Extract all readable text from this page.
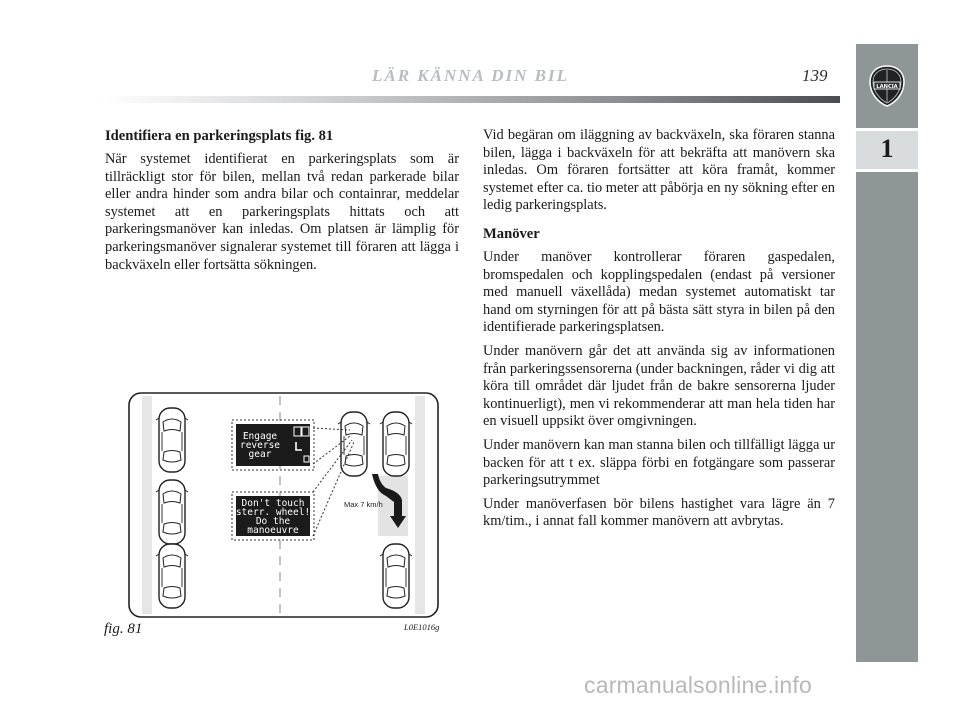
LÄR KÄNNA DIN BIL	139
LANCIA
1
Identifiera en parkeringsplats fig. 81

När systemet identifierat en parkeringsplats som är tillräckligt stor för bilen, mellan två redan parkerade bilar eller andra hinder som andra bilar och containrar, meddelar systemet att en parkeringsplats hittats och att parkeringsmanöver kan inledas. Om platsen är lämplig för parkeringsmanöver signalerar systemet till föraren att lägga i backväxeln eller fortsätta sökningen.

Vid begäran om iläggning av backväxeln, ska föraren stanna bilen, lägga i backväxeln för att bekräfta att manövern ska inledas. Om föraren fortsätter att köra framåt, kommer systemet efter ca. tio meter att påbörja en ny sökning efter en ledig parkeringsplats.

Manöver

Under manöver kontrollerar föraren gaspedalen, bromspedalen och kopplingspedalen (endast på versioner med manuell växellåda) medan systemet automatiskt tar hand om styrningen för att på bästa sätt styra in bilen på den identifierade parkeringsplatsen.

Under manövern går det att använda sig av informationen från parkeringssensorerna (under backningen, råder vi dig att köra till området där ljudet från de bakre sensorerna ljuder kontinuerligt), men vi rekommenderar att man hela tiden har en visuell uppsikt över omgivningen.

Under manövern kan man stanna bilen och tillfälligt lägga ur backen för att t ex. släppa förbi en fotgängare som passerar parkeringsutrymmet

Under manöverfasen bör bilens hastighet vara lägre än 7 km/tim., i annat fall kommer manövern att avbrytas.

Engage
reverse
gear
Don't touch
sterr. wheel!
Do the
manoeuvre
Max 7 km/h
fig. 81	L0E1016g
carmanualsonline.info
